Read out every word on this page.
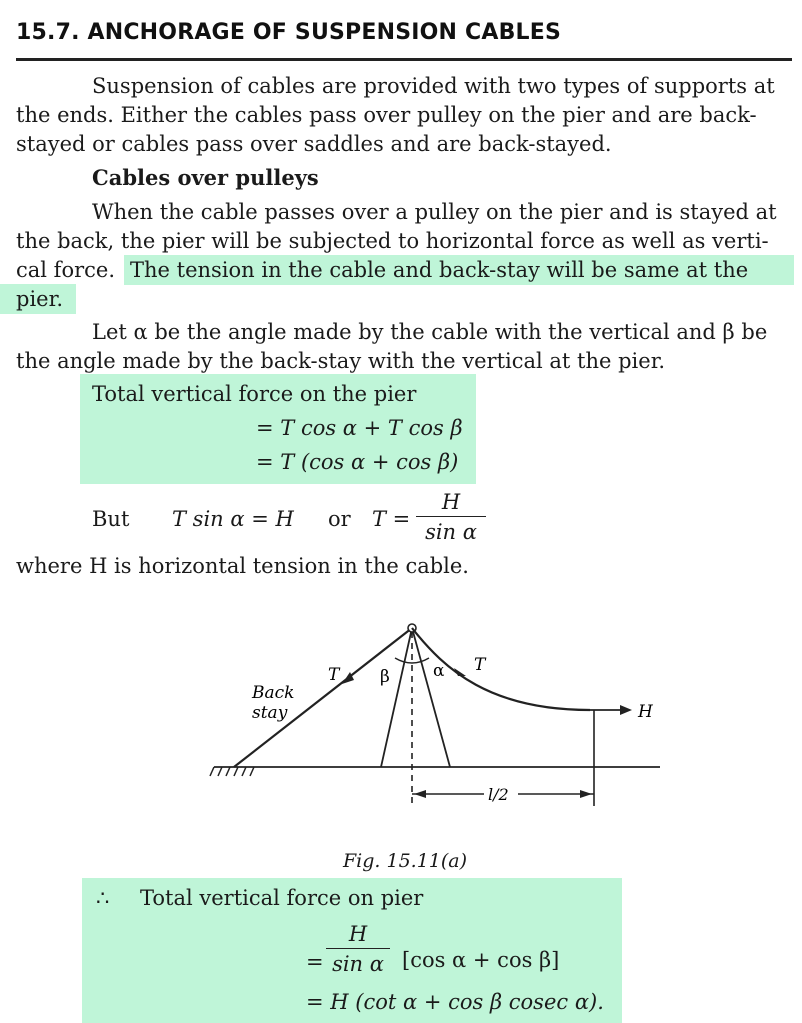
15.7. ANCHORAGE OF SUSPENSION CABLES
Suspension of cables are provided with two types of supports at
the ends. Either the cables pass over pulley on the pier and are back-
stayed or cables pass over saddles and are back-stayed.
Cables over pulleys
When the cable passes over a pulley on the pier and is stayed at
the back, the pier will be subjected to horizontal force as well as verti-
cal force. The tension in the cable and back-stay will be same at the
pier.
Let α be the angle made by the cable with the vertical and β be
the angle made by the back-stay with the vertical at the pier.
Total vertical force on the pier
= T cos α + T cos β
= T (cos α + cos β)
But T sin α = H or $T = \frac{H}{\text{sin α}}$
where H is horizontal tension in the cable.
T β	α T
Back
stay	H
l/2
Fig. 15.11(a)
∴ Total vertical force on pier
= $\frac{H}{\text{sin α}} [\cos$ α + cos β]
= H (cot α + cos β cosec α).
